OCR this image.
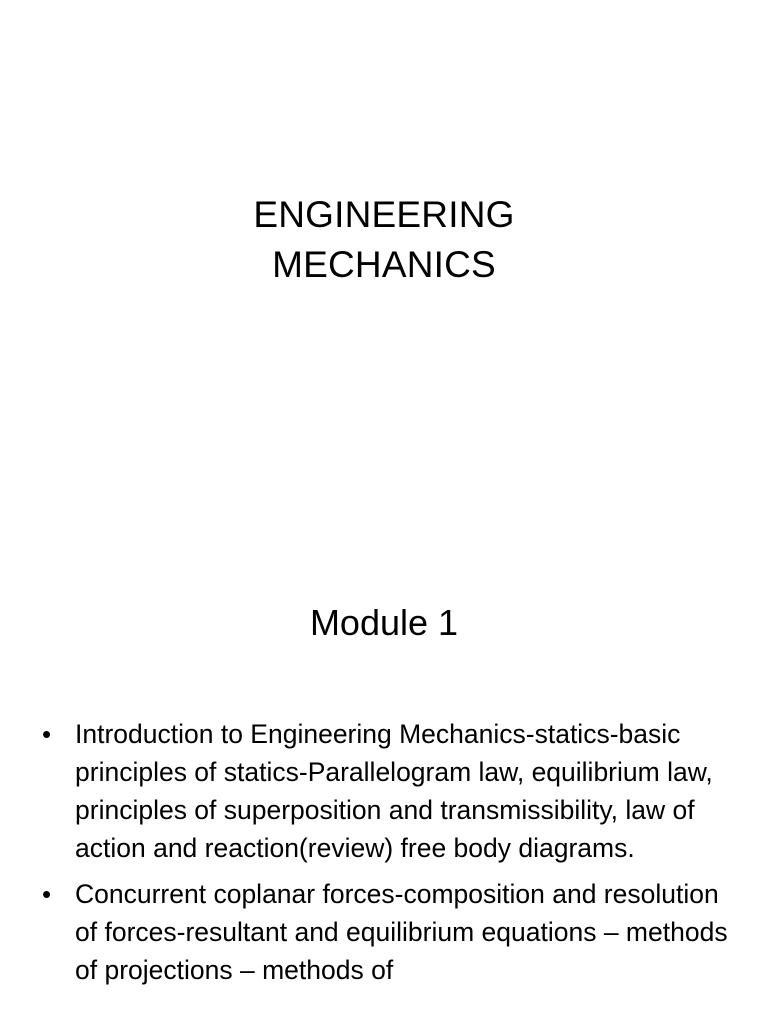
ENGINEERING
MECHANICS
Module 1
• Introduction to Engineering Mechanics-statics-basic principles of statics-Parallelogram law, equilibrium law, principles of superposition and transmissibility, law of action and reaction(review) free body diagrams.
• Concurrent coplanar forces-composition and resolution of forces-resultant and equilibrium equations – methods of projections – methods of
